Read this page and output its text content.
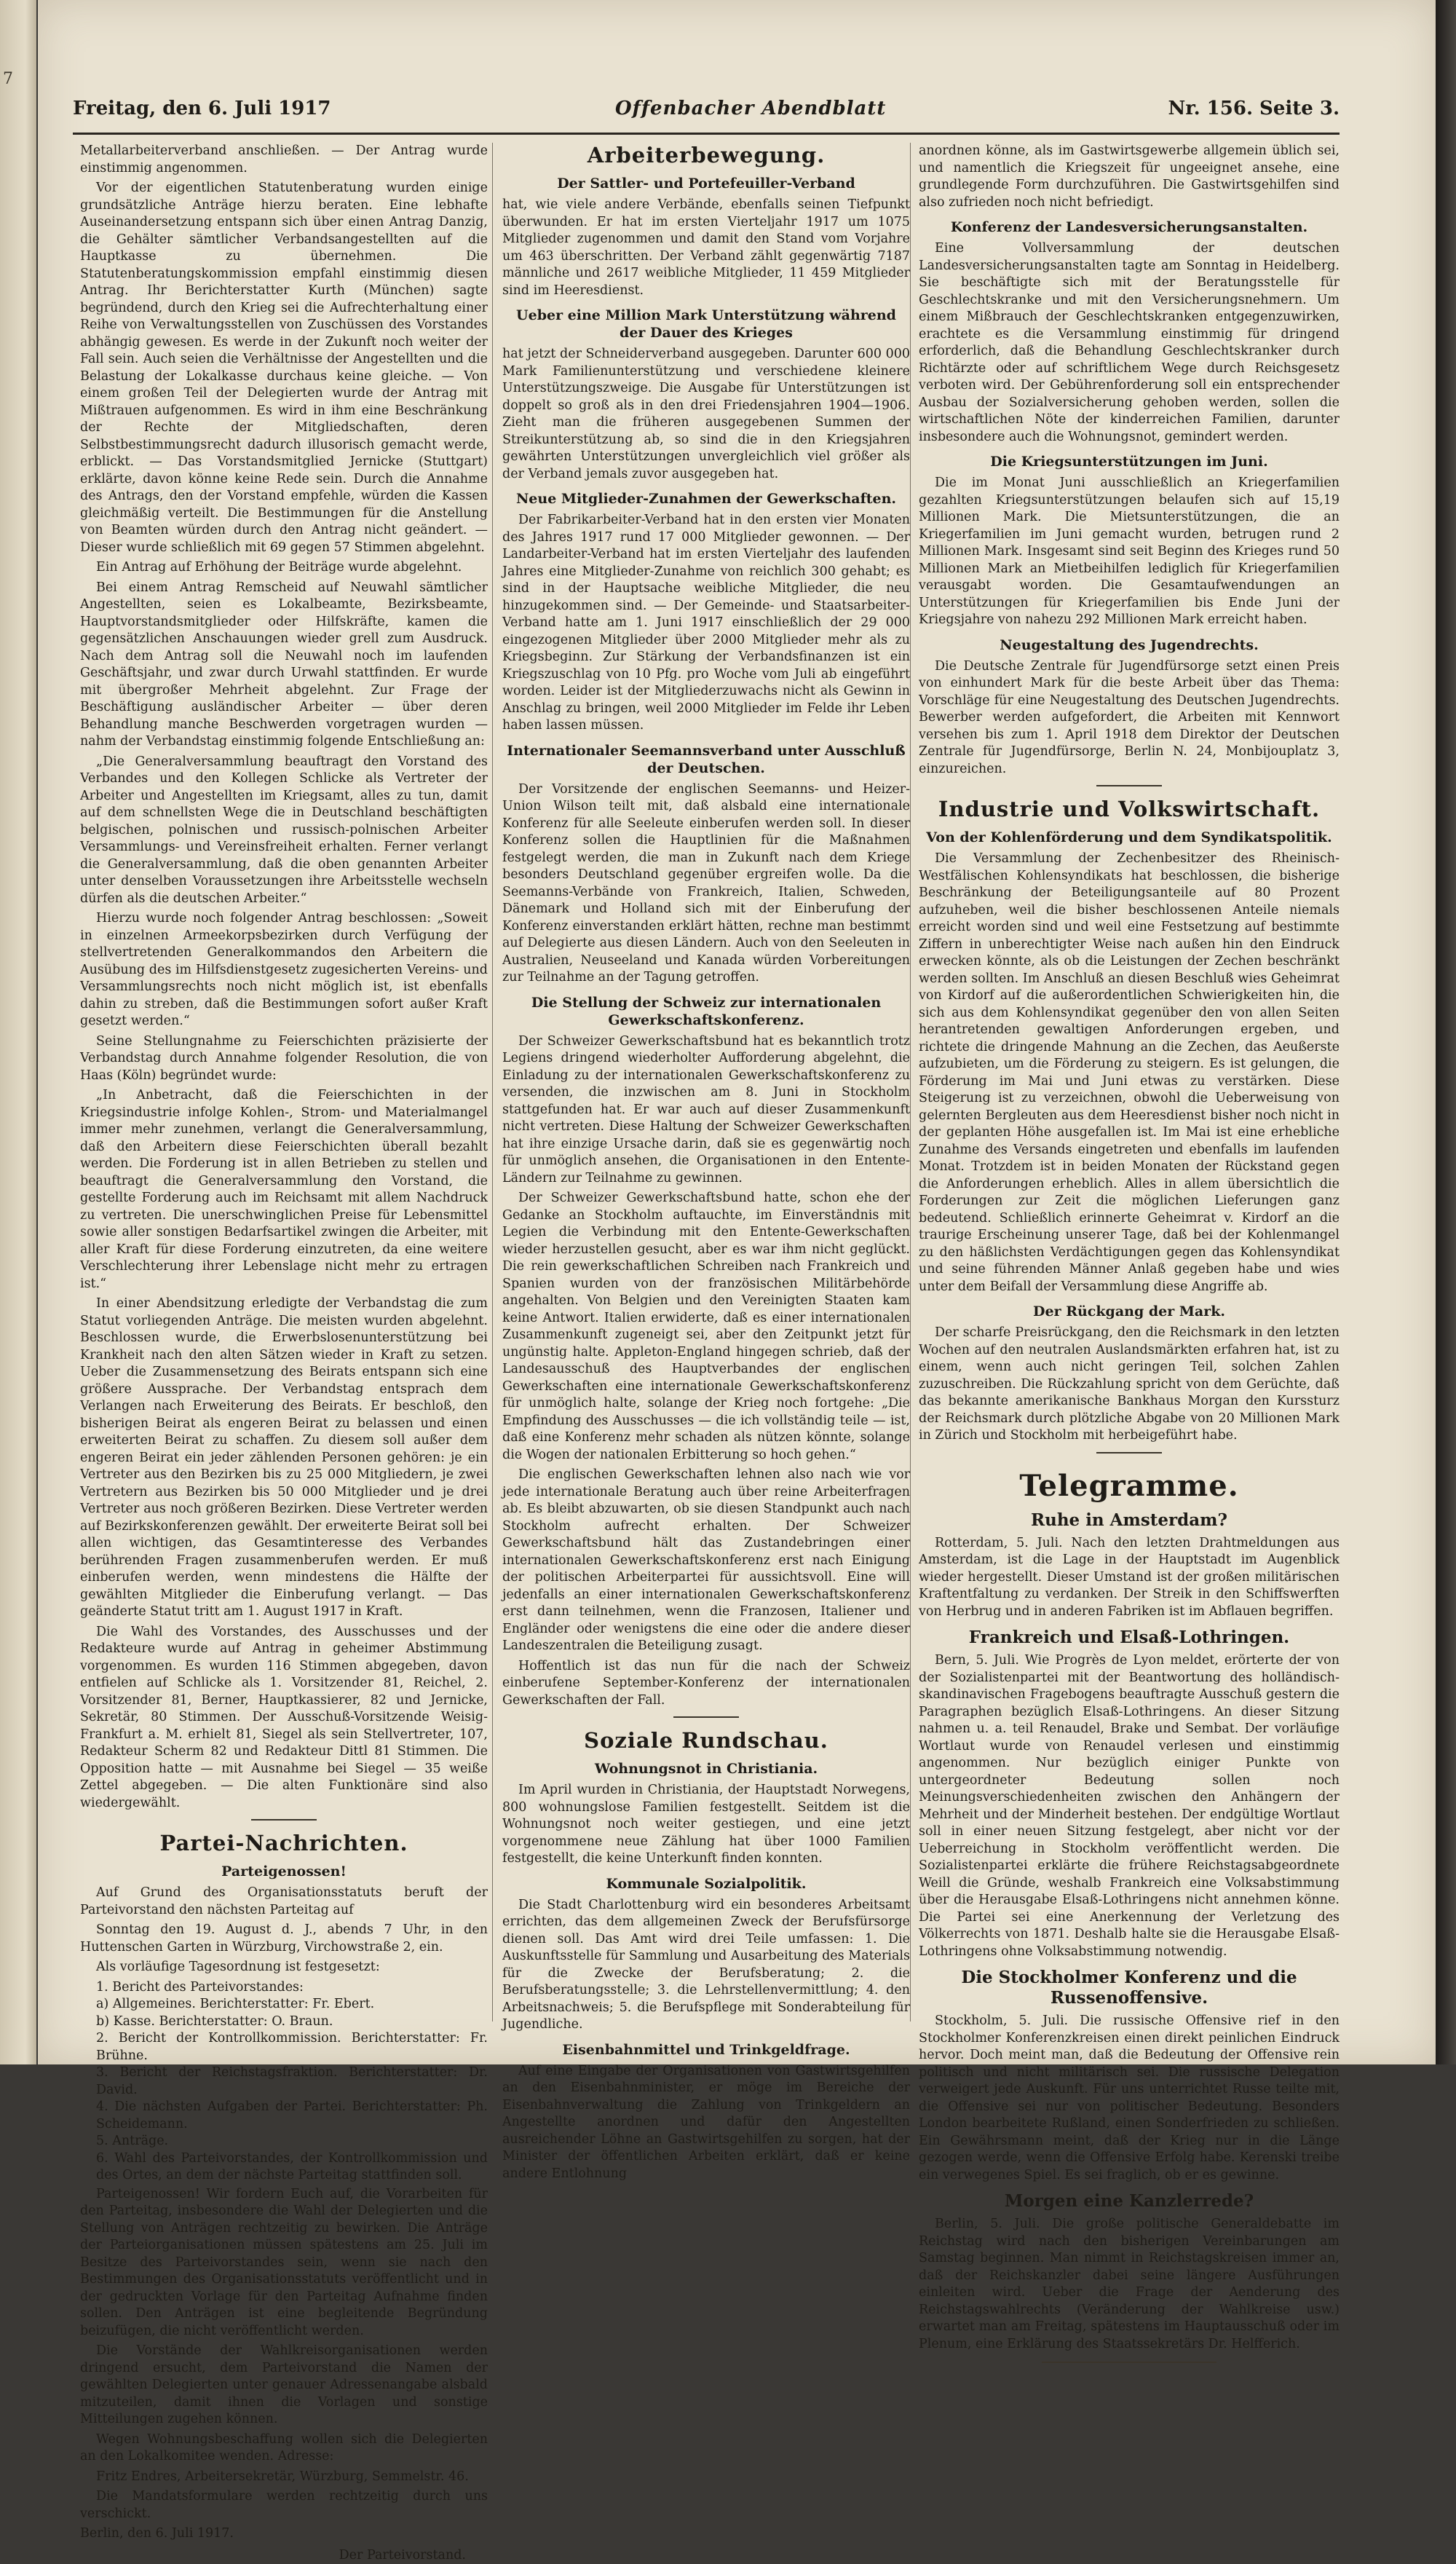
7
Freitag, den 6. Juli 1917	Offenbacher Abendblatt	Nr. 156. Seite 3.

Metallarbeiterverband anschließen. — Der Antrag wurde einstimmig angenommen.

Vor der eigentlichen Statutenberatung wurden einige grundsätzliche Anträge hierzu beraten. Eine lebhafte Auseinandersetzung entspann sich über einen Antrag Danzig, die Gehälter sämtlicher Verbandsangestellten auf die Hauptkasse zu übernehmen. Die Statutenberatungskommission empfahl einstimmig diesen Antrag. Ihr Berichterstatter Kurth (München) sagte begründend, durch den Krieg sei die Aufrechterhaltung einer Reihe von Verwaltungsstellen von Zuschüssen des Vorstandes abhängig gewesen. Es werde in der Zukunft noch weiter der Fall sein. Auch seien die Verhältnisse der Angestellten und die Belastung der Lokalkasse durchaus keine gleiche. — Von einem großen Teil der Delegierten wurde der Antrag mit Mißtrauen aufgenommen. Es wird in ihm eine Beschränkung der Rechte der Mitgliedschaften, deren Selbstbestimmungsrecht dadurch illusorisch gemacht werde, erblickt. — Das Vorstandsmitglied Jernicke (Stuttgart) erklärte, davon könne keine Rede sein. Durch die Annahme des Antrags, den der Vorstand empfehle, würden die Kassen gleichmäßig verteilt. Die Bestimmungen für die Anstellung von Beamten würden durch den Antrag nicht geändert. — Dieser wurde schließlich mit 69 gegen 57 Stimmen abgelehnt.

Ein Antrag auf Erhöhung der Beiträge wurde abgelehnt.

Bei einem Antrag Remscheid auf Neuwahl sämtlicher Angestellten, seien es Lokalbeamte, Bezirksbeamte, Hauptvorstandsmitglieder oder Hilfskräfte, kamen die gegensätzlichen Anschauungen wieder grell zum Ausdruck. Nach dem Antrag soll die Neuwahl noch im laufenden Geschäftsjahr, und zwar durch Urwahl stattfinden. Er wurde mit übergroßer Mehrheit abgelehnt. Zur Frage der Beschäftigung ausländischer Arbeiter — über deren Behandlung manche Beschwerden vorgetragen wurden — nahm der Verbandstag einstimmig folgende Entschließung an:

„Die Generalversammlung beauftragt den Vorstand des Verbandes und den Kollegen Schlicke als Vertreter der Arbeiter und Angestellten im Kriegsamt, alles zu tun, damit auf dem schnellsten Wege die in Deutschland beschäftigten belgischen, polnischen und russisch-polnischen Arbeiter Versammlungs- und Vereinsfreiheit erhalten. Ferner verlangt die Generalversammlung, daß die oben genannten Arbeiter unter denselben Voraussetzungen ihre Arbeitsstelle wechseln dürfen als die deutschen Arbeiter.“

Hierzu wurde noch folgender Antrag beschlossen: „Soweit in einzelnen Armeekorpsbezirken durch Verfügung der stellvertretenden Generalkommandos den Arbeitern die Ausübung des im Hilfsdienstgesetz zugesicherten Vereins- und Versammlungsrechts noch nicht möglich ist, ist ebenfalls dahin zu streben, daß die Bestimmungen sofort außer Kraft gesetzt werden.“

Seine Stellungnahme zu Feierschichten präzisierte der Verbandstag durch Annahme folgender Resolution, die von Haas (Köln) begründet wurde:

„In Anbetracht, daß die Feierschichten in der Kriegsindustrie infolge Kohlen-, Strom- und Materialmangel immer mehr zunehmen, verlangt die Generalversammlung, daß den Arbeitern diese Feierschichten überall bezahlt werden. Die Forderung ist in allen Betrieben zu stellen und beauftragt die Generalversammlung den Vorstand, die gestellte Forderung auch im Reichsamt mit allem Nachdruck zu vertreten. Die unerschwinglichen Preise für Lebensmittel sowie aller sonstigen Bedarfsartikel zwingen die Arbeiter, mit aller Kraft für diese Forderung einzutreten, da eine weitere Verschlechterung ihrer Lebenslage nicht mehr zu ertragen ist.“

In einer Abendsitzung erledigte der Verbandstag die zum Statut vorliegenden Anträge. Die meisten wurden abgelehnt. Beschlossen wurde, die Erwerbslosenunterstützung bei Krankheit nach den alten Sätzen wieder in Kraft zu setzen. Ueber die Zusammensetzung des Beirats entspann sich eine größere Aussprache. Der Verbandstag entsprach dem Verlangen nach Erweiterung des Beirats. Er beschloß, den bisherigen Beirat als engeren Beirat zu belassen und einen erweiterten Beirat zu schaffen. Zu diesem soll außer dem engeren Beirat ein jeder zählenden Personen gehören: je ein Vertreter aus den Bezirken bis zu 25 000 Mitgliedern, je zwei Vertretern aus Bezirken bis 50 000 Mitglieder und je drei Vertreter aus noch größeren Bezirken. Diese Vertreter werden auf Bezirkskonferenzen gewählt. Der erweiterte Beirat soll bei allen wichtigen, das Gesamtinteresse des Verbandes berührenden Fragen zusammenberufen werden. Er muß einberufen werden, wenn mindestens die Hälfte der gewählten Mitglieder die Einberufung verlangt. — Das geänderte Statut tritt am 1. August 1917 in Kraft.

Die Wahl des Vorstandes, des Ausschusses und der Redakteure wurde auf Antrag in geheimer Abstimmung vorgenommen. Es wurden 116 Stimmen abgegeben, davon entfielen auf Schlicke als 1. Vorsitzender 81, Reichel, 2. Vorsitzender 81, Berner, Hauptkassierer, 82 und Jernicke, Sekretär, 80 Stimmen. Der Ausschuß-Vorsitzende Weisig-Frankfurt a. M. erhielt 81, Siegel als sein Stellvertreter, 107, Redakteur Scherm 82 und Redakteur Dittl 81 Stimmen. Die Opposition hatte — mit Ausnahme bei Siegel — 35 weiße Zettel abgegeben. — Die alten Funktionäre sind also wiedergewählt.

Partei-Nachrichten.
Parteigenossen!

Auf Grund des Organisationsstatuts beruft der Parteivorstand den nächsten Parteitag auf

Sonntag den 19. August d. J., abends 7 Uhr, in den Huttenschen Garten in Würzburg, Virchowstraße 2, ein.

Als vorläufige Tagesordnung ist festgesetzt:

1. Bericht des Parteivorstandes:
a) Allgemeines. Berichterstatter: Fr. Ebert.
b) Kasse. Berichterstatter: O. Braun.
2. Bericht der Kontrollkommission. Berichterstatter: Fr. Brühne.
3. Bericht der Reichstagsfraktion. Berichterstatter: Dr. David.
4. Die nächsten Aufgaben der Partei. Berichterstatter: Ph. Scheidemann.
5. Anträge.
6. Wahl des Parteivorstandes, der Kontrollkommission und des Ortes, an dem der nächste Parteitag stattfinden soll.

Parteigenossen! Wir fordern Euch auf, die Vorarbeiten für den Parteitag, insbesondere die Wahl der Delegierten und die Stellung von Anträgen rechtzeitig zu bewirken. Die Anträge der Parteiorganisationen müssen spätestens am 25. Juli im Besitze des Parteivorstandes sein, wenn sie nach den Bestimmungen des Organisationsstatuts veröffentlicht und in der gedruckten Vorlage für den Parteitag Aufnahme finden sollen. Den Anträgen ist eine begleitende Begründung beizufügen, die nicht veröffentlicht werden.

Die Vorstände der Wahlkreisorganisationen werden dringend ersucht, dem Parteivorstand die Namen der gewählten Delegierten unter genauer Adressenangabe alsbald mitzuteilen, damit ihnen die Vorlagen und sonstige Mitteilungen zugehen können.

Wegen Wohnungsbeschaffung wollen sich die Delegierten an den Lokalkomitee wenden. Adresse:

Fritz Endres, Arbeitersekretär, Würzburg, Semmelstr. 46.

Die Mandatsformulare werden rechtzeitig durch uns verschickt.

Berlin, den 6. Juli 1917.

Der Parteivorstand.

Arbeiterbewegung.
Der Sattler- und Portefeuiller-Verband

hat, wie viele andere Verbände, ebenfalls seinen Tiefpunkt überwunden. Er hat im ersten Vierteljahr 1917 um 1075 Mitglieder zugenommen und damit den Stand vom Vorjahre um 463 überschritten. Der Verband zählt gegenwärtig 7187 männliche und 2617 weibliche Mitglieder, 11 459 Mitglieder sind im Heeresdienst.

Ueber eine Million Mark Unterstützung während der Dauer des Krieges

hat jetzt der Schneiderverband ausgegeben. Darunter 600 000 Mark Familienunterstützung und verschiedene kleinere Unterstützungszweige. Die Ausgabe für Unterstützungen ist doppelt so groß als in den drei Friedensjahren 1904—1906. Zieht man die früheren ausgegebenen Summen der Streikunterstützung ab, so sind die in den Kriegsjahren gewährten Unterstützungen unvergleichlich viel größer als der Verband jemals zuvor ausgegeben hat.

Neue Mitglieder-Zunahmen der Gewerkschaften.

Der Fabrikarbeiter-Verband hat in den ersten vier Monaten des Jahres 1917 rund 17 000 Mitglieder gewonnen. — Der Landarbeiter-Verband hat im ersten Vierteljahr des laufenden Jahres eine Mitglieder-Zunahme von reichlich 300 gehabt; es sind in der Hauptsache weibliche Mitglieder, die neu hinzugekommen sind. — Der Gemeinde- und Staatsarbeiter-Verband hatte am 1. Juni 1917 einschließlich der 29 000 eingezogenen Mitglieder über 2000 Mitglieder mehr als zu Kriegsbeginn. Zur Stärkung der Verbandsfinanzen ist ein Kriegszuschlag von 10 Pfg. pro Woche vom Juli ab eingeführt worden. Leider ist der Mitgliederzuwachs nicht als Gewinn in Anschlag zu bringen, weil 2000 Mitglieder im Felde ihr Leben haben lassen müssen.

Internationaler Seemannsverband unter Ausschluß der Deutschen.

Der Vorsitzende der englischen Seemanns- und Heizer-Union Wilson teilt mit, daß alsbald eine internationale Konferenz für alle Seeleute einberufen werden soll. In dieser Konferenz sollen die Hauptlinien für die Maßnahmen festgelegt werden, die man in Zukunft nach dem Kriege besonders Deutschland gegenüber ergreifen wolle. Da die Seemanns-Verbände von Frankreich, Italien, Schweden, Dänemark und Holland sich mit der Einberufung der Konferenz einverstanden erklärt hätten, rechne man bestimmt auf Delegierte aus diesen Ländern. Auch von den Seeleuten in Australien, Neuseeland und Kanada würden Vorbereitungen zur Teilnahme an der Tagung getroffen.

Die Stellung der Schweiz zur internationalen Gewerkschaftskonferenz.

Der Schweizer Gewerkschaftsbund hat es bekanntlich trotz Legiens dringend wiederholter Aufforderung abgelehnt, die Einladung zu der internationalen Gewerkschaftskonferenz zu versenden, die inzwischen am 8. Juni in Stockholm stattgefunden hat. Er war auch auf dieser Zusammenkunft nicht vertreten. Diese Haltung der Schweizer Gewerkschaften hat ihre einzige Ursache darin, daß sie es gegenwärtig noch für unmöglich ansehen, die Organisationen in den Entente-Ländern zur Teilnahme zu gewinnen.

Der Schweizer Gewerkschaftsbund hatte, schon ehe der Gedanke an Stockholm auftauchte, im Einverständnis mit Legien die Verbindung mit den Entente-Gewerkschaften wieder herzustellen gesucht, aber es war ihm nicht geglückt. Die rein gewerkschaftlichen Schreiben nach Frankreich und Spanien wurden von der französischen Militärbehörde angehalten. Von Belgien und den Vereinigten Staaten kam keine Antwort. Italien erwiderte, daß es einer internationalen Zusammenkunft zugeneigt sei, aber den Zeitpunkt jetzt für ungünstig halte. Appleton-England hingegen schrieb, daß der Landesausschuß des Hauptverbandes der englischen Gewerkschaften eine internationale Gewerkschaftskonferenz für unmöglich halte, solange der Krieg noch fortgehe: „Die Empfindung des Ausschusses — die ich vollständig teile — ist, daß eine Konferenz mehr schaden als nützen könnte, solange die Wogen der nationalen Erbitterung so hoch gehen.“

Die englischen Gewerkschaften lehnen also nach wie vor jede internationale Beratung auch über reine Arbeiterfragen ab. Es bleibt abzuwarten, ob sie diesen Standpunkt auch nach Stockholm aufrecht erhalten. Der Schweizer Gewerkschaftsbund hält das Zustandebringen einer internationalen Gewerkschaftskonferenz erst nach Einigung der politischen Arbeiterpartei für aussichtsvoll. Eine will jedenfalls an einer internationalen Gewerkschaftskonferenz erst dann teilnehmen, wenn die Franzosen, Italiener und Engländer oder wenigstens die eine oder die andere dieser Landeszentralen die Beteiligung zusagt.

Hoffentlich ist das nun für die nach der Schweiz einberufene September-Konferenz der internationalen Gewerkschaften der Fall.

Soziale Rundschau.
Wohnungsnot in Christiania.

Im April wurden in Christiania, der Hauptstadt Norwegens, 800 wohnungslose Familien festgestellt. Seitdem ist die Wohnungsnot noch weiter gestiegen, und eine jetzt vorgenommene neue Zählung hat über 1000 Familien festgestellt, die keine Unterkunft finden konnten.

Kommunale Sozialpolitik.

Die Stadt Charlottenburg wird ein besonderes Arbeitsamt errichten, das dem allgemeinen Zweck der Berufsfürsorge dienen soll. Das Amt wird drei Teile umfassen: 1. Die Auskunftsstelle für Sammlung und Ausarbeitung des Materials für die Zwecke der Berufsberatung; 2. die Berufsberatungsstelle; 3. die Lehrstellenvermittlung; 4. den Arbeitsnachweis; 5. die Berufspflege mit Sonderabteilung für Jugendliche.

Eisenbahnmittel und Trinkgeldfrage.

Auf eine Eingabe der Organisationen von Gastwirtsgehilfen an den Eisenbahnminister, er möge im Bereiche der Eisenbahnverwaltung die Zahlung von Trinkgeldern an Angestellte anordnen und dafür den Angestellten ausreichender Löhne an Gastwirtsgehilfen zu sorgen, hat der Minister der öffentlichen Arbeiten erklärt, daß er keine andere Entlohnung

anordnen könne, als im Gastwirtsgewerbe allgemein üblich sei, und namentlich die Kriegszeit für ungeeignet ansehe, eine grundlegende Form durchzuführen. Die Gastwirtsgehilfen sind also zufrieden noch nicht befriedigt.

Konferenz der Landesversicherungsanstalten.

Eine Vollversammlung der deutschen Landesversicherungsanstalten tagte am Sonntag in Heidelberg. Sie beschäftigte sich mit der Beratungsstelle für Geschlechtskranke und mit den Versicherungsnehmern. Um einem Mißbrauch der Geschlechtskranken entgegenzuwirken, erachtete es die Versammlung einstimmig für dringend erforderlich, daß die Behandlung Geschlechtskranker durch Richtärzte oder auf schriftlichem Wege durch Reichsgesetz verboten wird. Der Gebührenforderung soll ein entsprechender Ausbau der Sozialversicherung gehoben werden, sollen die wirtschaftlichen Nöte der kinderreichen Familien, darunter insbesondere auch die Wohnungsnot, gemindert werden.

Die Kriegsunterstützungen im Juni.

Die im Monat Juni ausschließlich an Kriegerfamilien gezahlten Kriegsunterstützungen belaufen sich auf 15,19 Millionen Mark. Die Mietsunterstützungen, die an Kriegerfamilien im Juni gemacht wurden, betrugen rund 2 Millionen Mark. Insgesamt sind seit Beginn des Krieges rund 50 Millionen Mark an Mietbeihilfen lediglich für Kriegerfamilien verausgabt worden. Die Gesamtaufwendungen an Unterstützungen für Kriegerfamilien bis Ende Juni der Kriegsjahre von nahezu 292 Millionen Mark erreicht haben.

Neugestaltung des Jugendrechts.

Die Deutsche Zentrale für Jugendfürsorge setzt einen Preis von einhundert Mark für die beste Arbeit über das Thema: Vorschläge für eine Neugestaltung des Deutschen Jugendrechts. Bewerber werden aufgefordert, die Arbeiten mit Kennwort versehen bis zum 1. April 1918 dem Direktor der Deutschen Zentrale für Jugendfürsorge, Berlin N. 24, Monbijouplatz 3, einzureichen.

Industrie und Volkswirtschaft.
Von der Kohlenförderung und dem Syndikatspolitik.

Die Versammlung der Zechenbesitzer des Rheinisch-Westfälischen Kohlensyndikats hat beschlossen, die bisherige Beschränkung der Beteiligungsanteile auf 80 Prozent aufzuheben, weil die bisher beschlossenen Anteile niemals erreicht worden sind und weil eine Festsetzung auf bestimmte Ziffern in unberechtigter Weise nach außen hin den Eindruck erwecken könnte, als ob die Leistungen der Zechen beschränkt werden sollten. Im Anschluß an diesen Beschluß wies Geheimrat von Kirdorf auf die außerordentlichen Schwierigkeiten hin, die sich aus dem Kohlensyndikat gegenüber den von allen Seiten herantretenden gewaltigen Anforderungen ergeben, und richtete die dringende Mahnung an die Zechen, das Aeußerste aufzubieten, um die Förderung zu steigern. Es ist gelungen, die Förderung im Mai und Juni etwas zu verstärken. Diese Steigerung ist zu verzeichnen, obwohl die Ueberweisung von gelernten Bergleuten aus dem Heeresdienst bisher noch nicht in der geplanten Höhe ausgefallen ist. Im Mai ist eine erhebliche Zunahme des Versands eingetreten und ebenfalls im laufenden Monat. Trotzdem ist in beiden Monaten der Rückstand gegen die Anforderungen erheblich. Alles in allem übersichtlich die Forderungen zur Zeit die möglichen Lieferungen ganz bedeutend. Schließlich erinnerte Geheimrat v. Kirdorf an die traurige Erscheinung unserer Tage, daß bei der Kohlenmangel zu den häßlichsten Verdächtigungen gegen das Kohlensyndikat und seine führenden Männer Anlaß gegeben habe und wies unter dem Beifall der Versammlung diese Angriffe ab.

Der Rückgang der Mark.

Der scharfe Preisrückgang, den die Reichsmark in den letzten Wochen auf den neutralen Auslandsmärkten erfahren hat, ist zu einem, wenn auch nicht geringen Teil, solchen Zahlen zuzuschreiben. Die Rückzahlung spricht von dem Gerüchte, daß das bekannte amerikanische Bankhaus Morgan den Kurssturz der Reichsmark durch plötzliche Abgabe von 20 Millionen Mark in Zürich und Stockholm mit herbeigeführt habe.

Telegramme.
Ruhe in Amsterdam?

Rotterdam, 5. Juli. Nach den letzten Drahtmeldungen aus Amsterdam, ist die Lage in der Hauptstadt im Augenblick wieder hergestellt. Dieser Umstand ist der großen militärischen Kraftentfaltung zu verdanken. Der Streik in den Schiffswerften von Herbrug und in anderen Fabriken ist im Abflauen begriffen.

Frankreich und Elsaß-Lothringen.

Bern, 5. Juli. Wie Progrès de Lyon meldet, erörterte der von der Sozialistenpartei mit der Beantwortung des holländisch-skandinavischen Fragebogens beauftragte Ausschuß gestern die Paragraphen bezüglich Elsaß-Lothringens. An dieser Sitzung nahmen u. a. teil Renaudel, Brake und Sembat. Der vorläufige Wortlaut wurde von Renaudel verlesen und einstimmig angenommen. Nur bezüglich einiger Punkte von untergeordneter Bedeutung sollen noch Meinungsverschiedenheiten zwischen den Anhängern der Mehrheit und der Minderheit bestehen. Der endgültige Wortlaut soll in einer neuen Sitzung festgelegt, aber nicht vor der Ueberreichung in Stockholm veröffentlicht werden. Die Sozialistenpartei erklärte die frühere Reichstagsabgeordnete Weill die Gründe, weshalb Frankreich eine Volksabstimmung über die Herausgabe Elsaß-Lothringens nicht annehmen könne. Die Partei sei eine Anerkennung der Verletzung des Völkerrechts von 1871. Deshalb halte sie die Herausgabe Elsaß-Lothringens ohne Volksabstimmung notwendig.

Die Stockholmer Konferenz und die Russenoffensive.

Stockholm, 5. Juli. Die russische Offensive rief in den Stockholmer Konferenzkreisen einen direkt peinlichen Eindruck hervor. Doch meint man, daß die Bedeutung der Offensive rein politisch und nicht militärisch sei. Die russische Delegation verweigert jede Auskunft. Für uns unterrichtet Russe teilte mit, die Offensive sei nur von politischer Bedeutung. Besonders London bearbeitete Rußland, einen Sonderfrieden zu schließen. Ein Gewährsmann meint, daß der Krieg nur in die Länge gezogen werde, wenn die Offensive Erfolg habe. Kerenski treibe ein verwegenes Spiel. Es sei fraglich, ob er es gewinne.

Morgen eine Kanzlerrede?

Berlin, 5. Juli. Die große politische Generaldebatte im Reichstag wird nach den bisherigen Vereinbarungen am Samstag beginnen. Man nimmt in Reichstagskreisen immer an, daß der Reichskanzler dabei seine längere Ausführungen einleiten wird. Ueber die Frage der Aenderung des Reichstagswahlrechts (Veränderung der Wahlkreise usw.) erwartet man am Freitag, spätestens im Hauptausschuß oder im Plenum, eine Erklärung des Staatssekretärs Dr. Helfferich.
